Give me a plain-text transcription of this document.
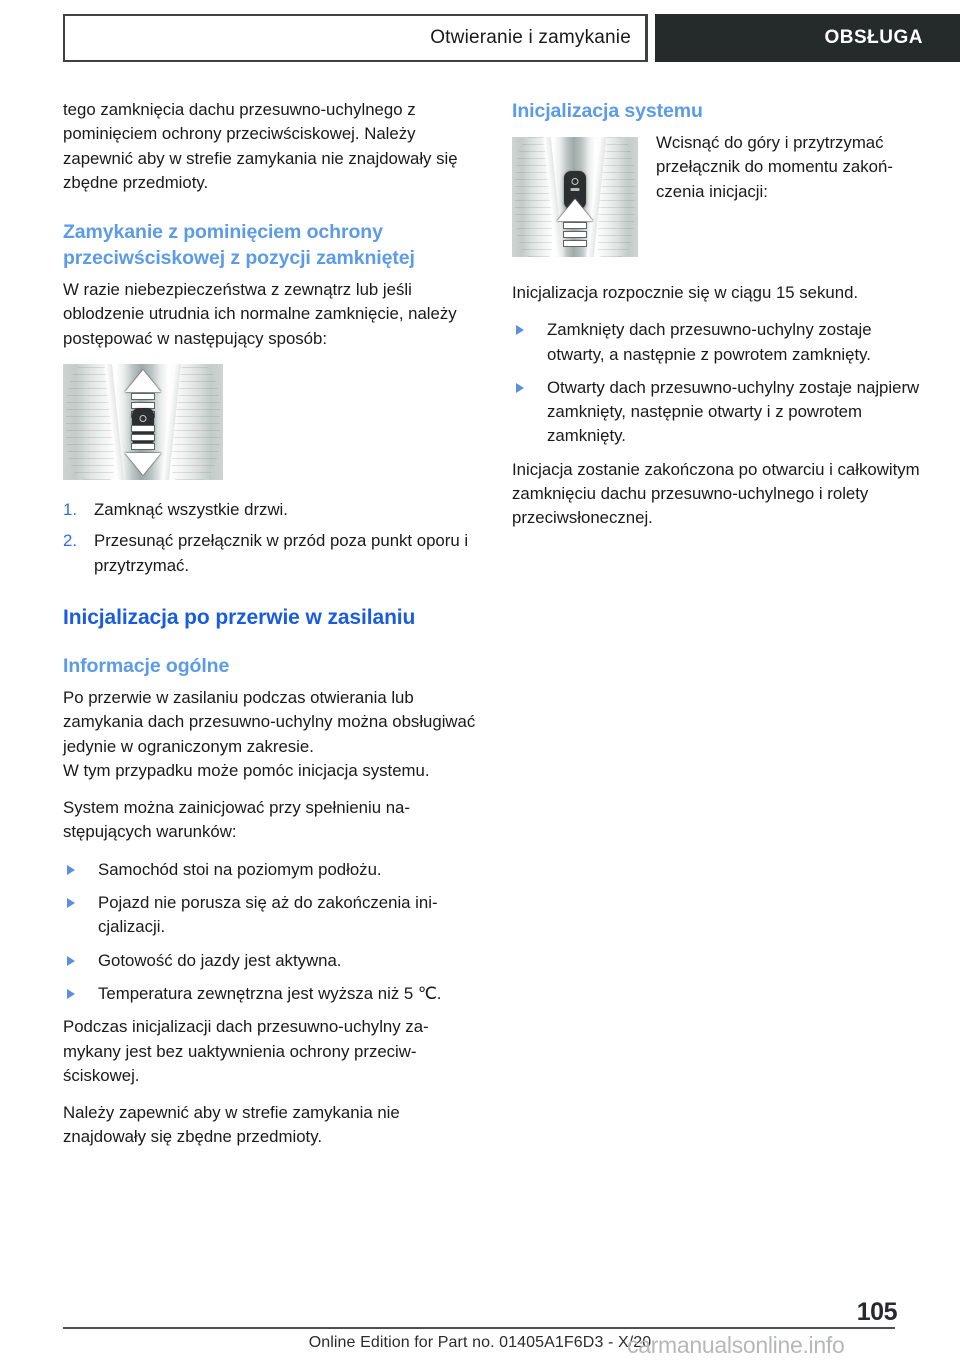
Otwieranie i zamykanie	OBSŁUGA

tego zamknięcia dachu przesuwno-uchylnego z pominięciem ochrony przeciwściskowej. Należy zapewnić aby w strefie zamykania nie znajdowały się zbędne przedmioty.

Zamykanie z pominięciem ochrony przeciwściskowej z pozycji zamkniętej

W razie niebezpieczeństwa z zewnątrz lub jeśli oblodzenie utrudnia ich normalne zamknięcie, należy postępować w następujący sposób:

1. Zamknąć wszystkie drzwi.
2. Przesunąć przełącznik w przód poza punkt oporu i przytrzymać.
Inicjalizacja po przerwie w zasilaniu
Informacje ogólne

Po przerwie w zasilaniu podczas otwierania lub zamykania dach przesuwno-uchylny można obsługiwać jedynie w ograniczonym zakresie.

W tym przypadku może pomóc inicjacja systemu.

System można zainicjować przy spełnieniu następujących warunków:

Samochód stoi na poziomym podłożu.
Pojazd nie porusza się aż do zakończenia inicjalizacji.
Gotowość do jazdy jest aktywna.
Temperatura zewnętrzna jest wyższa niż 5 ℃.

Podczas inicjalizacji dach przesuwno-uchylny zamykany jest bez uaktywnienia ochrony przeciwściskowej.

Należy zapewnić aby w strefie zamykania nie znajdowały się zbędne przedmioty.

Inicjalizacja systemu

Wcisnąć do góry i przytrzymać przełącznik do momentu zakończenia inicjacji:

Inicjalizacja rozpocznie się w ciągu 15 sekund.

Zamknięty dach przesuwno-uchylny zostaje otwarty, a następnie z powrotem zamknięty.
Otwarty dach przesuwno-uchylny zostaje najpierw zamknięty, następnie otwarty i z powrotem zamknięty.

Inicjacja zostanie zakończona po otwarciu i całkowitym zamknięciu dachu przesuwno-uchylnego i rolety przeciwsłonecznej.

105
Online Edition for Part no. 01405A1F6D3 - X/20
carmanualsonline.info
